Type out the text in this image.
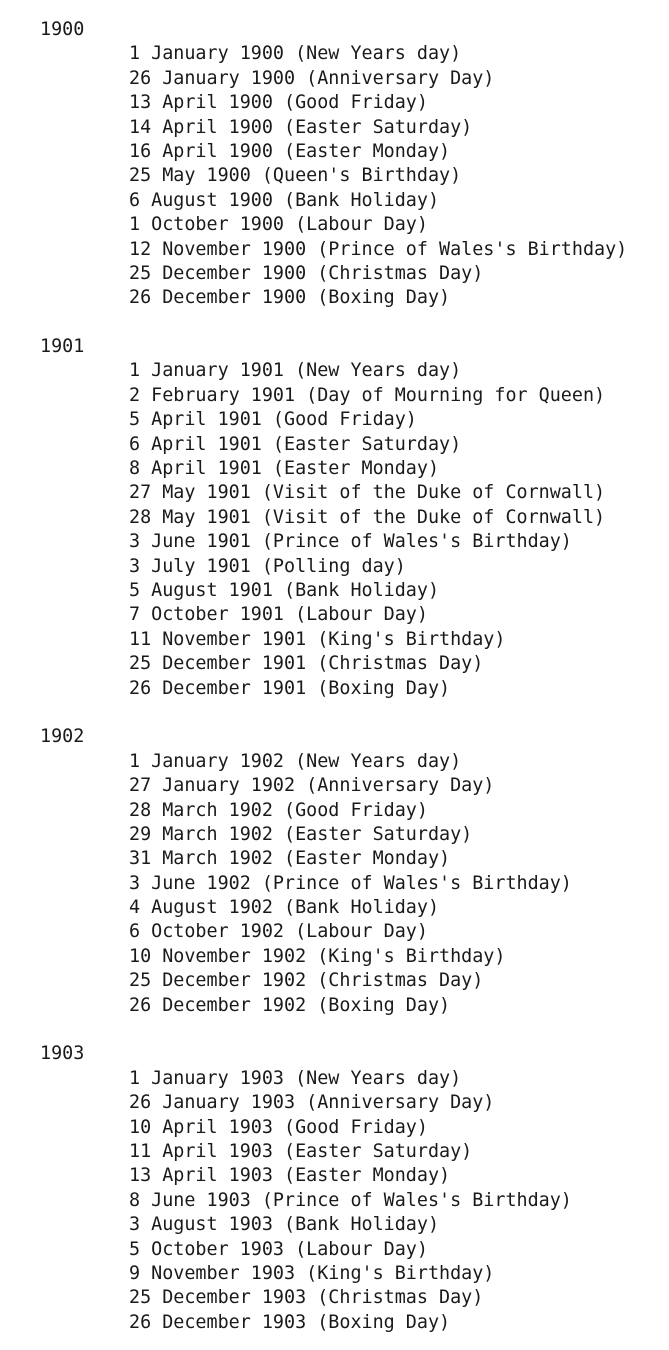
1900
1 January 1900 (New Years day)
26 January 1900 (Anniversary Day)
13 April 1900 (Good Friday)
14 April 1900 (Easter Saturday)
16 April 1900 (Easter Monday)
25 May 1900 (Queen's Birthday)
6 August 1900 (Bank Holiday)
1 October 1900 (Labour Day)
12 November 1900 (Prince of Wales's Birthday)
25 December 1900 (Christmas Day)
26 December 1900 (Boxing Day)
1901
1 January 1901 (New Years day)
2 February 1901 (Day of Mourning for Queen)
5 April 1901 (Good Friday)
6 April 1901 (Easter Saturday)
8 April 1901 (Easter Monday)
27 May 1901 (Visit of the Duke of Cornwall)
28 May 1901 (Visit of the Duke of Cornwall)
3 June 1901 (Prince of Wales's Birthday)
3 July 1901 (Polling day)
5 August 1901 (Bank Holiday)
7 October 1901 (Labour Day)
11 November 1901 (King's Birthday)
25 December 1901 (Christmas Day)
26 December 1901 (Boxing Day)
1902
1 January 1902 (New Years day)
27 January 1902 (Anniversary Day)
28 March 1902 (Good Friday)
29 March 1902 (Easter Saturday)
31 March 1902 (Easter Monday)
3 June 1902 (Prince of Wales's Birthday)
4 August 1902 (Bank Holiday)
6 October 1902 (Labour Day)
10 November 1902 (King's Birthday)
25 December 1902 (Christmas Day)
26 December 1902 (Boxing Day)
1903
1 January 1903 (New Years day)
26 January 1903 (Anniversary Day)
10 April 1903 (Good Friday)
11 April 1903 (Easter Saturday)
13 April 1903 (Easter Monday)
8 June 1903 (Prince of Wales's Birthday)
3 August 1903 (Bank Holiday)
5 October 1903 (Labour Day)
9 November 1903 (King's Birthday)
25 December 1903 (Christmas Day)
26 December 1903 (Boxing Day)
